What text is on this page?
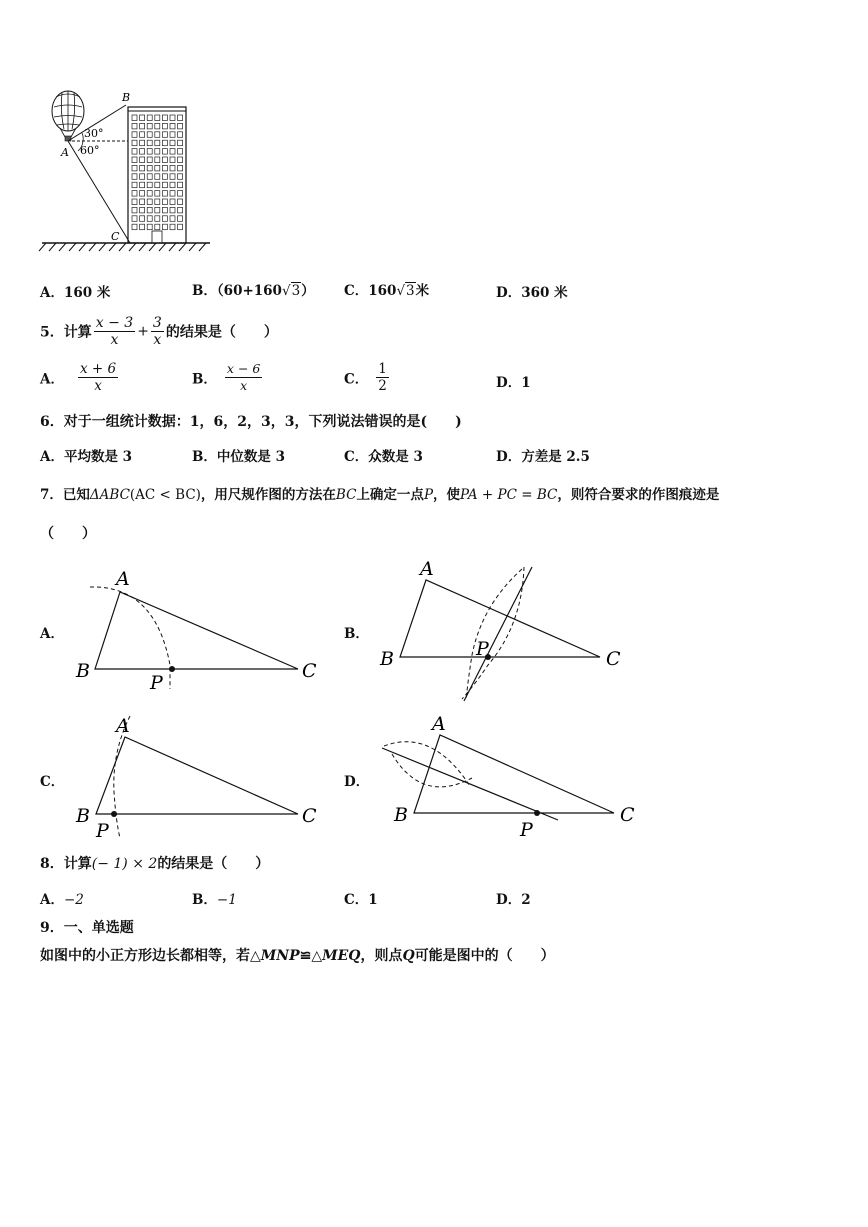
B
A
C
30°
60°
A．160 米	B．（60+160√3） C．160√3米	D．360 米
5．计算 $\frac{x - 3}{x} + \frac{3}{x}$ 的结果是（　　）
A． $\frac{x + 6}{x}$	B． $\frac{x - 6}{x}$	C． $\frac{1}{2}$	D．1
6．对于一组统计数据：1，6，2，3，3，下列说法错误的是(　　)
A．平均数是 3	B．中位数是 3	C．众数是 3	D．方差是 2.5
7．已知ΔABC(AC < BC)，用尺规作图的方法在BC上确定一点P，使PA + PC = BC，则符合要求的作图痕迹是
（　　）
A．	B．
C．	D．
A
B	C
P
A
B	C
P
A
B	C
P
A
B	C
P
8．计算(− 1) × 2的结果是（　　）
A．−2	B．−1	C．1	D．2
9．一、单选题
如图中的小正方形边长都相等，若△MNP≌△MEQ，则点Q可能是图中的（　　）
